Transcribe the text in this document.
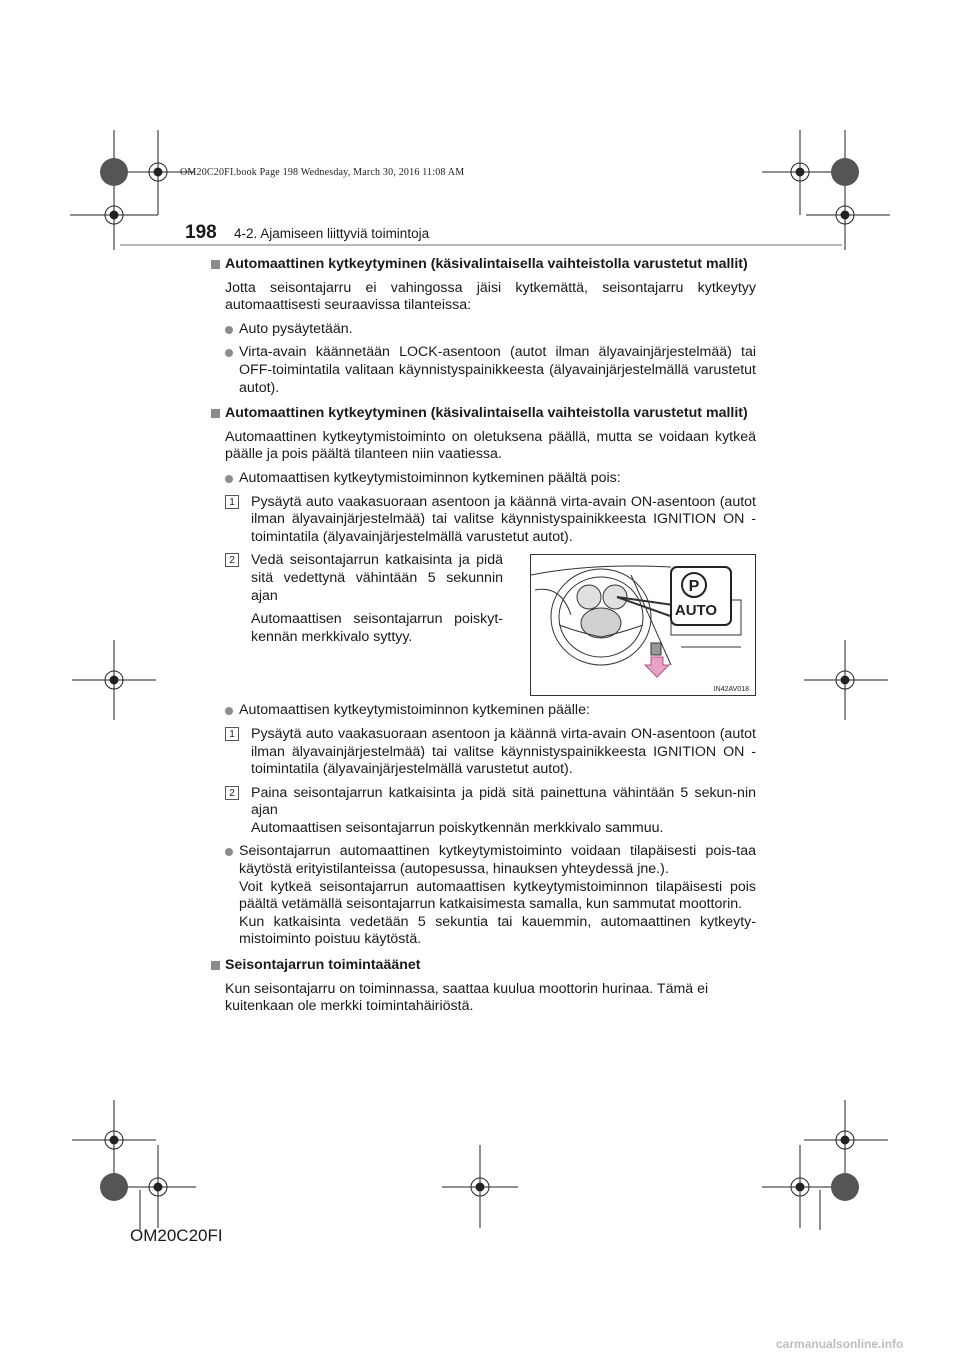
OM20C20FI.book Page 198 Wednesday, March 30, 2016 11:08 AM
198 4-2. Ajamiseen liittyviä toimintoja
Automaattinen kytkeytyminen (käsivalintaisella vaihteistolla varustetut mallit)
Jotta seisontajarru ei vahingossa jäisi kytkemättä, seisontajarru kytkeytyy automaattisesti seuraavissa tilanteissa:
Auto pysäytetään.
Virta-avain käännetään LOCK-asentoon (autot ilman älyavainjärjestelmää) tai OFF-toimintatila valitaan käynnistyspainikkeesta (älyavainjärjestelmällä varustetut autot).
Automaattinen kytkeytyminen (käsivalintaisella vaihteistolla varustetut mallit)
Automaattinen kytkeytymistoiminto on oletuksena päällä, mutta se voidaan kytkeä päälle ja pois päältä tilanteen niin vaatiessa.
Automaattisen kytkeytymistoiminnon kytkeminen päältä pois:
1 Pysäytä auto vaakasuoraan asentoon ja käännä virta-avain ON-asentoon (autot ilman älyavainjärjestelmää) tai valitse käynnistyspainikkeesta IGNITION ON -toimintatila (älyavainjärjestelmällä varustetut autot).
2 Vedä seisontajarrun katkaisinta ja pidä sitä vedettynä vähintään 5 sekunnin ajan
Automaattisen seisontajarrun poiskyt-kennän merkkivalo syttyy.
P
AUTO
IN42AV018
Automaattisen kytkeytymistoiminnon kytkeminen päälle:
1 Pysäytä auto vaakasuoraan asentoon ja käännä virta-avain ON-asentoon (autot ilman älyavainjärjestelmää) tai valitse käynnistyspainikkeesta IGNITION ON -toimintatila (älyavainjärjestelmällä varustetut autot).
2 Paina seisontajarrun katkaisinta ja pidä sitä painettuna vähintään 5 sekun-nin ajan
Automaattisen seisontajarrun poiskytkennän merkkivalo sammuu.
Seisontajarrun automaattinen kytkeytymistoiminto voidaan tilapäisesti pois-taa käytöstä erityistilanteissa (autopesussa, hinauksen yhteydessä jne.).
Voit kytkeä seisontajarrun automaattisen kytkeytymistoiminnon tilapäisesti pois päältä vetämällä seisontajarrun katkaisimesta samalla, kun sammutat moottorin.
Kun katkaisinta vedetään 5 sekuntia tai kauemmin, automaattinen kytkeyty-mistoiminto poistuu käytöstä.
Seisontajarrun toimintaäänet
Kun seisontajarru on toiminnassa, saattaa kuulua moottorin hurinaa. Tämä ei kuitenkaan ole merkki toimintahäiriöstä.
OM20C20FI
carmanualsonline.info
